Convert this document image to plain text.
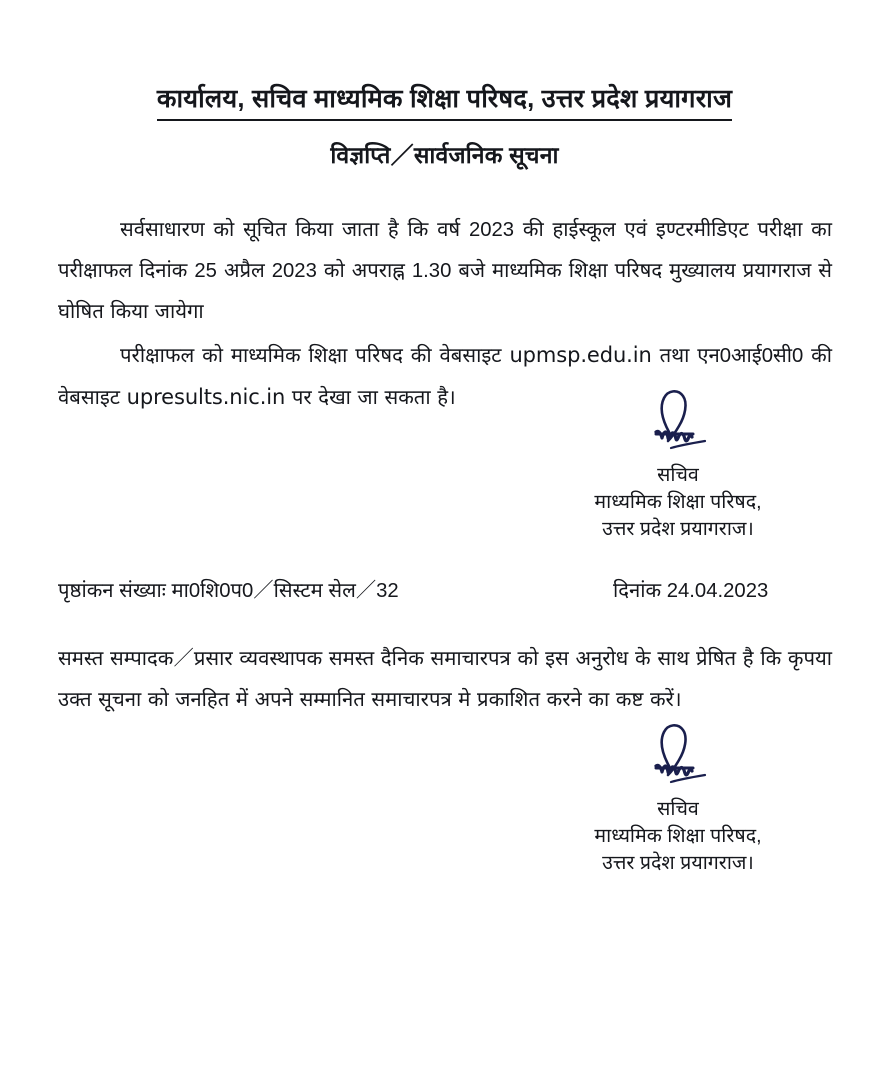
कार्यालय, सचिव माध्यमिक शिक्षा परिषद, उत्तर प्रदेश प्रयागराज
विज्ञप्ति／सार्वजनिक सूचना

सर्वसाधारण को सूचित किया जाता है कि वर्ष 2023 की हाईस्कूल एवं इण्टरमीडिएट परीक्षा का परीक्षाफल दिनांक 25 अप्रैल 2023 को अपराह्न 1.30 बजे माध्यमिक शिक्षा परिषद मुख्यालय प्रयागराज से घोषित किया जायेगा

परीक्षाफल को माध्यमिक शिक्षा परिषद की वेबसाइट upmsp.edu.in तथा एन0आई0सी0 की वेबसाइट upresults.nic.in पर देखा जा सकता है।

सचिव
माध्यमिक शिक्षा परिषद,
उत्तर प्रदेश प्रयागराज।
पृष्ठांकन संख्याः मा0शि0प0／सिस्टम सेल／32	दिनांक 24.04.2023

समस्त सम्पादक／प्रसार व्यवस्थापक समस्त दैनिक समाचारपत्र को इस अनुरोध के साथ प्रेषित है कि कृपया उक्त सूचना को जनहित में अपने सम्मानित समाचारपत्र मे प्रकाशित करने का कष्ट करें।

सचिव
माध्यमिक शिक्षा परिषद,
उत्तर प्रदेश प्रयागराज।
